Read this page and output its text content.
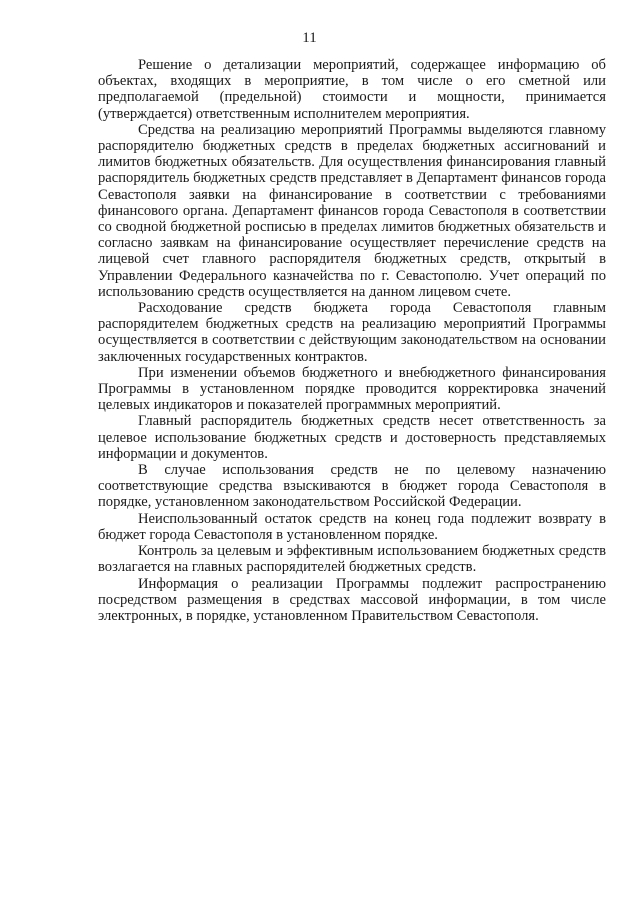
11

Решение о детализации мероприятий, содержащее информацию об объектах, входящих в мероприятие, в том числе о его сметной или предполагаемой (предельной) стоимости и мощности, принимается (утверждается) ответственным исполнителем мероприятия.

Средства на реализацию мероприятий Программы выделяются главному распорядителю бюджетных средств в пределах бюджетных ассигнований и лимитов бюджетных обязательств. Для осуществления финансирования главный распорядитель бюджетных средств представляет в Департамент финансов города Севастополя заявки на финансирование в соответствии с требованиями финансового органа. Департамент финансов города Севастополя в соответствии со сводной бюджетной росписью в пределах лимитов бюджетных обязательств и согласно заявкам на финансирование осуществляет перечисление средств на лицевой счет главного распорядителя бюджетных средств, открытый в Управлении Федерального казначейства по г. Севастополю. Учет операций по использованию средств осуществляется на данном лицевом счете.

Расходование средств бюджета города Севастополя главным распорядителем бюджетных средств на реализацию мероприятий Программы осуществляется в соответствии с действующим законодательством на основании заключенных государственных контрактов.

При изменении объемов бюджетного и внебюджетного финансирования Программы в установленном порядке проводится корректировка значений целевых индикаторов и показателей программных мероприятий.

Главный распорядитель бюджетных средств несет ответственность за целевое использование бюджетных средств и достоверность представляемых информации и документов.

В случае использования средств не по целевому назначению соответствующие средства взыскиваются в бюджет города Севастополя в порядке, установленном законодательством Российской Федерации.

Неиспользованный остаток средств на конец года подлежит возврату в бюджет города Севастополя в установленном порядке.

Контроль за целевым и эффективным использованием бюджетных средств возлагается на главных распорядителей бюджетных средств.

Информация о реализации Программы подлежит распространению посредством размещения в средствах массовой информации, в том числе электронных, в порядке, установленном Правительством Севастополя.
